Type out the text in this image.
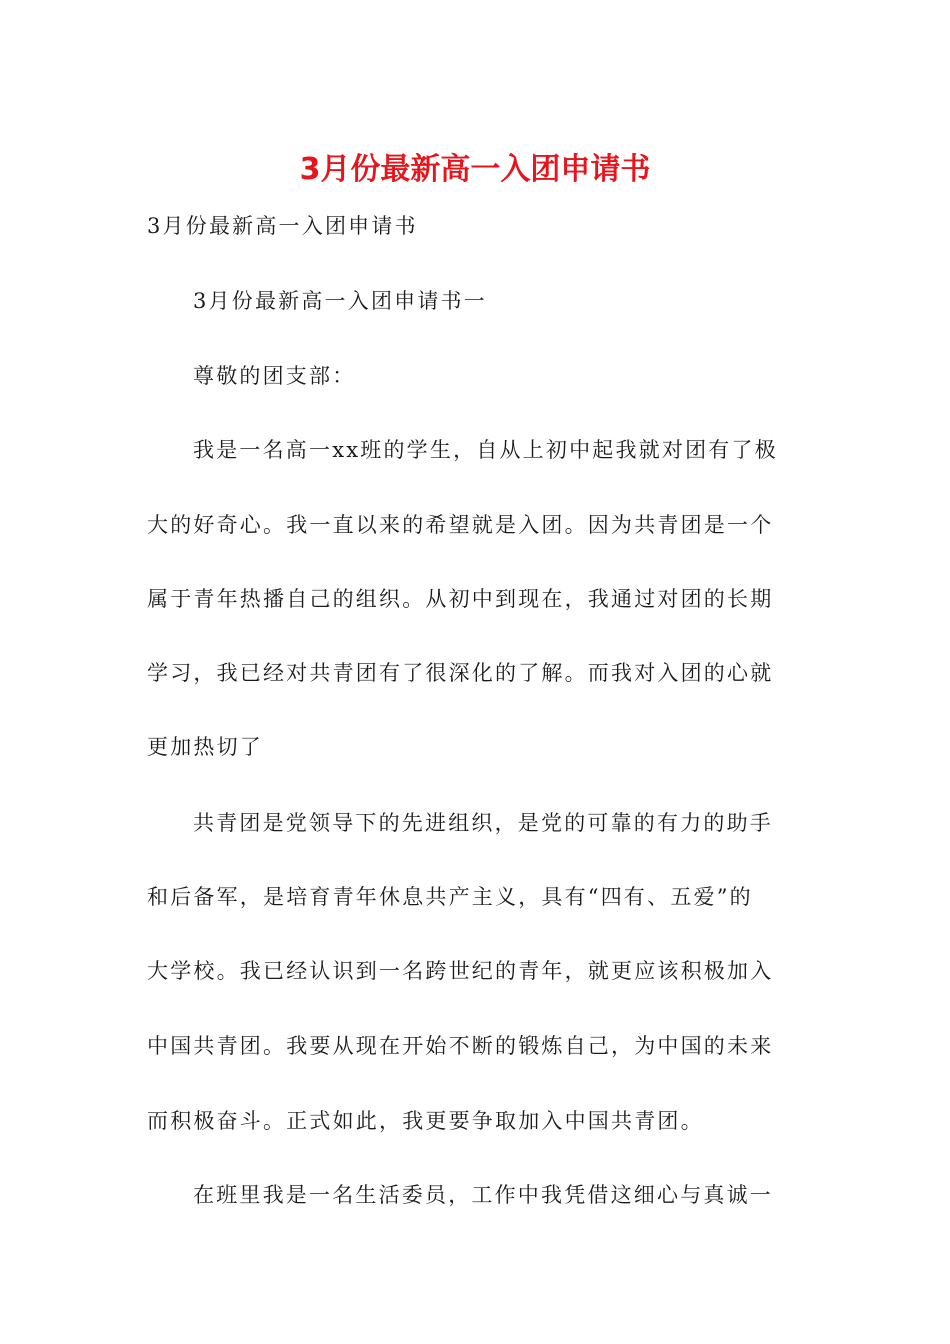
3月份最新高一入团申请书
3月份最新高一入团申请书
3月份最新高一入团申请书一
尊敬的团支部：
我是一名高一xx班的学生，自从上初中起我就对团有了极
大的好奇心。我一直以来的希望就是入团。因为共青团是一个
属于青年热播自己的组织。从初中到现在，我通过对团的长期
学习，我已经对共青团有了很深化的了解。而我对入团的心就
更加热切了
共青团是党领导下的先进组织，是党的可靠的有力的助手
和后备军，是培育青年休息共产主义，具有“四有、五爱”的
大学校。我已经认识到一名跨世纪的青年，就更应该积极加入
中国共青团。我要从现在开始不断的锻炼自己，为中国的未来
而积极奋斗。正式如此，我更要争取加入中国共青团。
在班里我是一名生活委员，工作中我凭借这细心与真诚一
